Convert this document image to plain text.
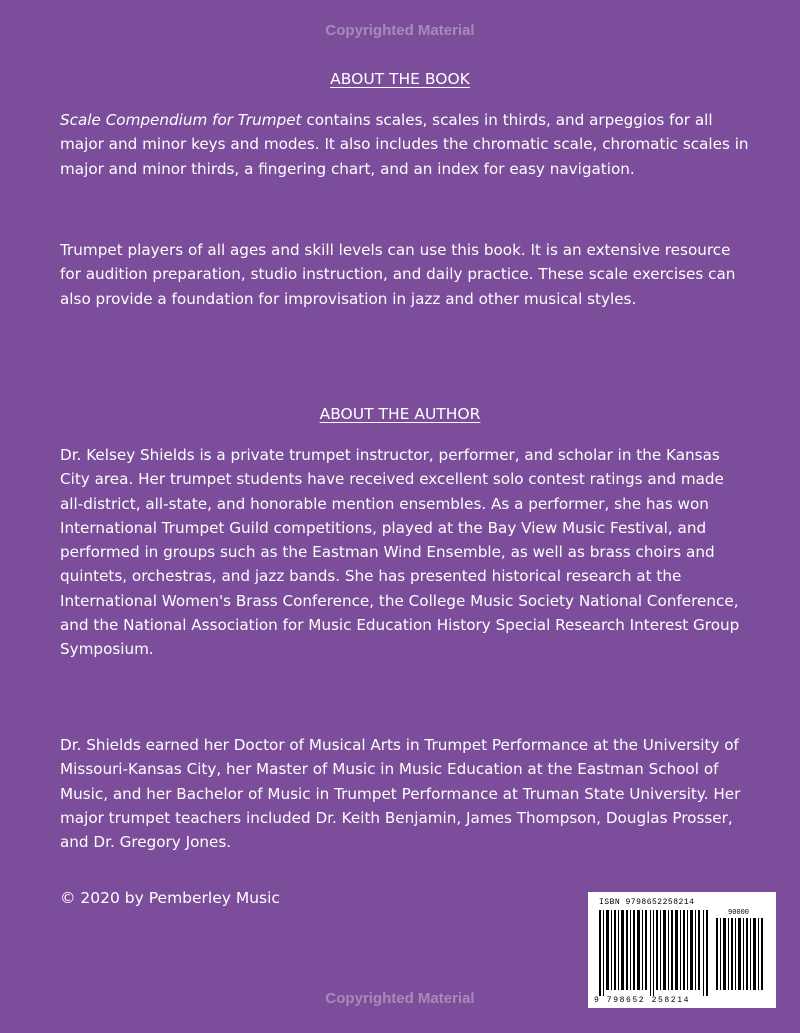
Copyrighted Material
ABOUT THE BOOK

Scale Compendium for Trumpet contains scales, scales in thirds, and arpeggios for all major and minor keys and modes. It also includes the chromatic scale, chromatic scales in major and minor thirds, a fingering chart, and an index for easy navigation.

Trumpet players of all ages and skill levels can use this book. It is an extensive resource for audition preparation, studio instruction, and daily practice. These scale exercises can also provide a foundation for improvisation in jazz and other musical styles.

ABOUT THE AUTHOR

Dr. Kelsey Shields is a private trumpet instructor, performer, and scholar in the Kansas City area. Her trumpet students have received excellent solo contest ratings and made all-district, all-state, and honorable mention ensembles. As a performer, she has won International Trumpet Guild competitions, played at the Bay View Music Festival, and performed in groups such as the Eastman Wind Ensemble, as well as brass choirs and quintets, orchestras, and jazz bands. She has presented historical research at the International Women's Brass Conference, the College Music Society National Conference, and the National Association for Music Education History Special Research Interest Group Symposium.

Dr. Shields earned her Doctor of Musical Arts in Trumpet Performance at the University of Missouri-Kansas City, her Master of Music in Music Education at the Eastman School of Music, and her Bachelor of Music in Trumpet Performance at Truman State University. Her major trumpet teachers included Dr. Keith Benjamin, James Thompson, Douglas Prosser, and Dr. Gregory Jones.

© 2020 by Pemberley Music	ISBN 9798652258214
90000
9 798652 258214
Copyrighted Material
